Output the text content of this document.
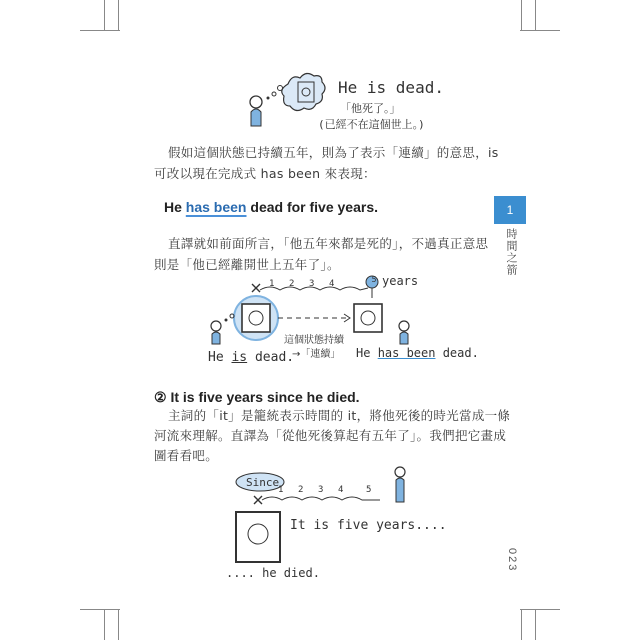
He is dead.
「他死了。」
(已經不在這個世上。)
假如這個狀態已持續五年，則為了表示「連續」的意思，is
可改以現在完成式 has been 來表現：
He has been dead for five years.
直譯就如前面所言，「他五年來都是死的」，不過真正意思
則是「他已經離開世上五年了」。
5 years
1 2 3 4
這個狀態持續
→「連續」
He is dead.	He has been dead.
② It is five years since he died.
主詞的「it」是籠統表示時間的 it，將他死後的時光當成一條
河流來理解。直譯為「從他死後算起有五年了」。我們把它畫成
圖看看吧。
Since
1 2 3 4	5
It is five years....
.... he died.
1
時間之箭
023
